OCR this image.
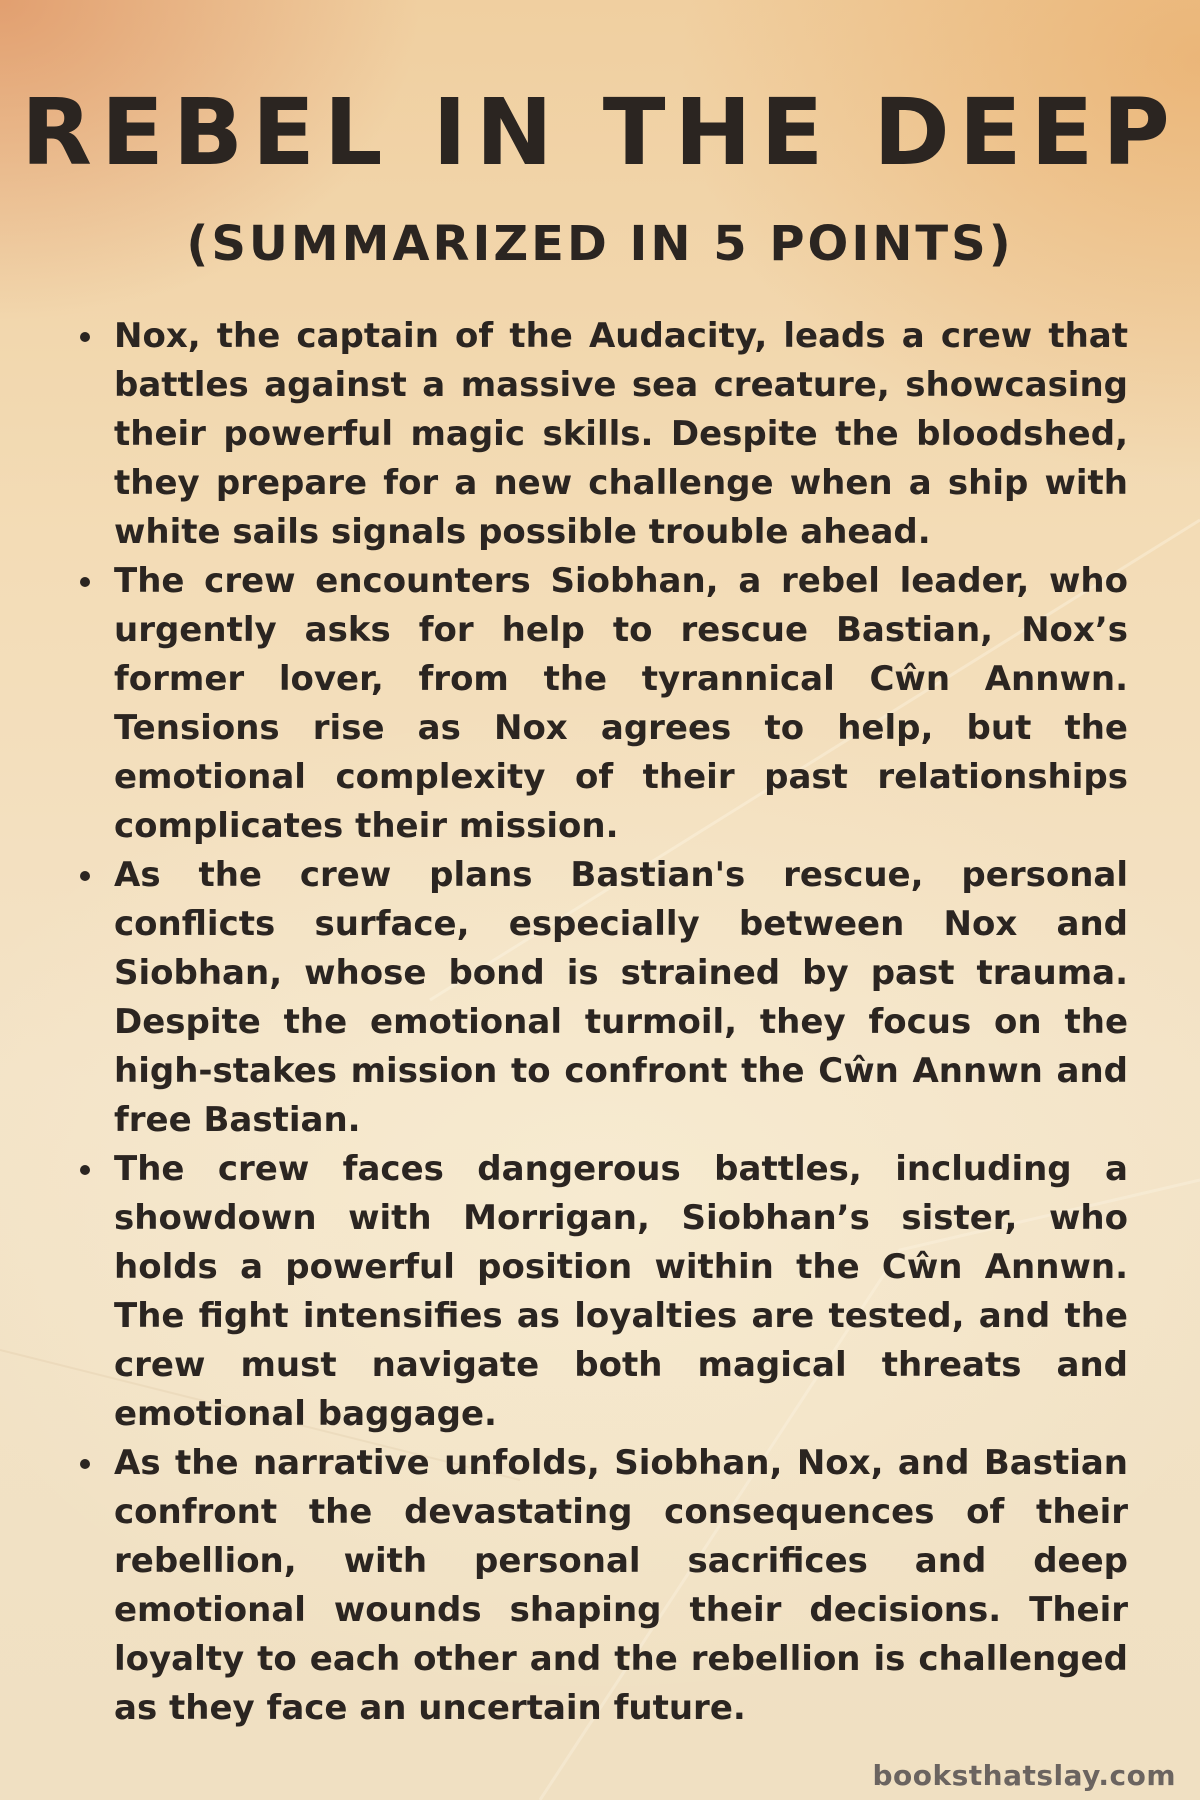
REBEL IN THE DEEP
(SUMMARIZED IN 5 POINTS)
Nox, the captain of the Audacity, leads a crew that battles against a massive sea creature, showcasing their powerful magic skills. Despite the bloodshed, they prepare for a new challenge when a ship with white sails signals possible trouble ahead.
The crew encounters Siobhan, a rebel leader, who urgently asks for help to rescue Bastian, Nox’s former lover, from the tyrannical Cŵn Annwn. Tensions rise as Nox agrees to help, but the emotional complexity of their past relationships complicates their mission.
As the crew plans Bastian's rescue, personal conflicts surface, especially between Nox and Siobhan, whose bond is strained by past trauma. Despite the emotional turmoil, they focus on the high-stakes mission to confront the Cŵn Annwn and free Bastian.
The crew faces dangerous battles, including a showdown with Morrigan, Siobhan’s sister, who holds a powerful position within the Cŵn Annwn. The fight intensifies as loyalties are tested, and the crew must navigate both magical threats and emotional baggage.
As the narrative unfolds, Siobhan, Nox, and Bastian confront the devastating consequences of their rebellion, with personal sacrifices and deep emotional wounds shaping their decisions. Their loyalty to each other and the rebellion is challenged as they face an uncertain future.
booksthatslay.com
